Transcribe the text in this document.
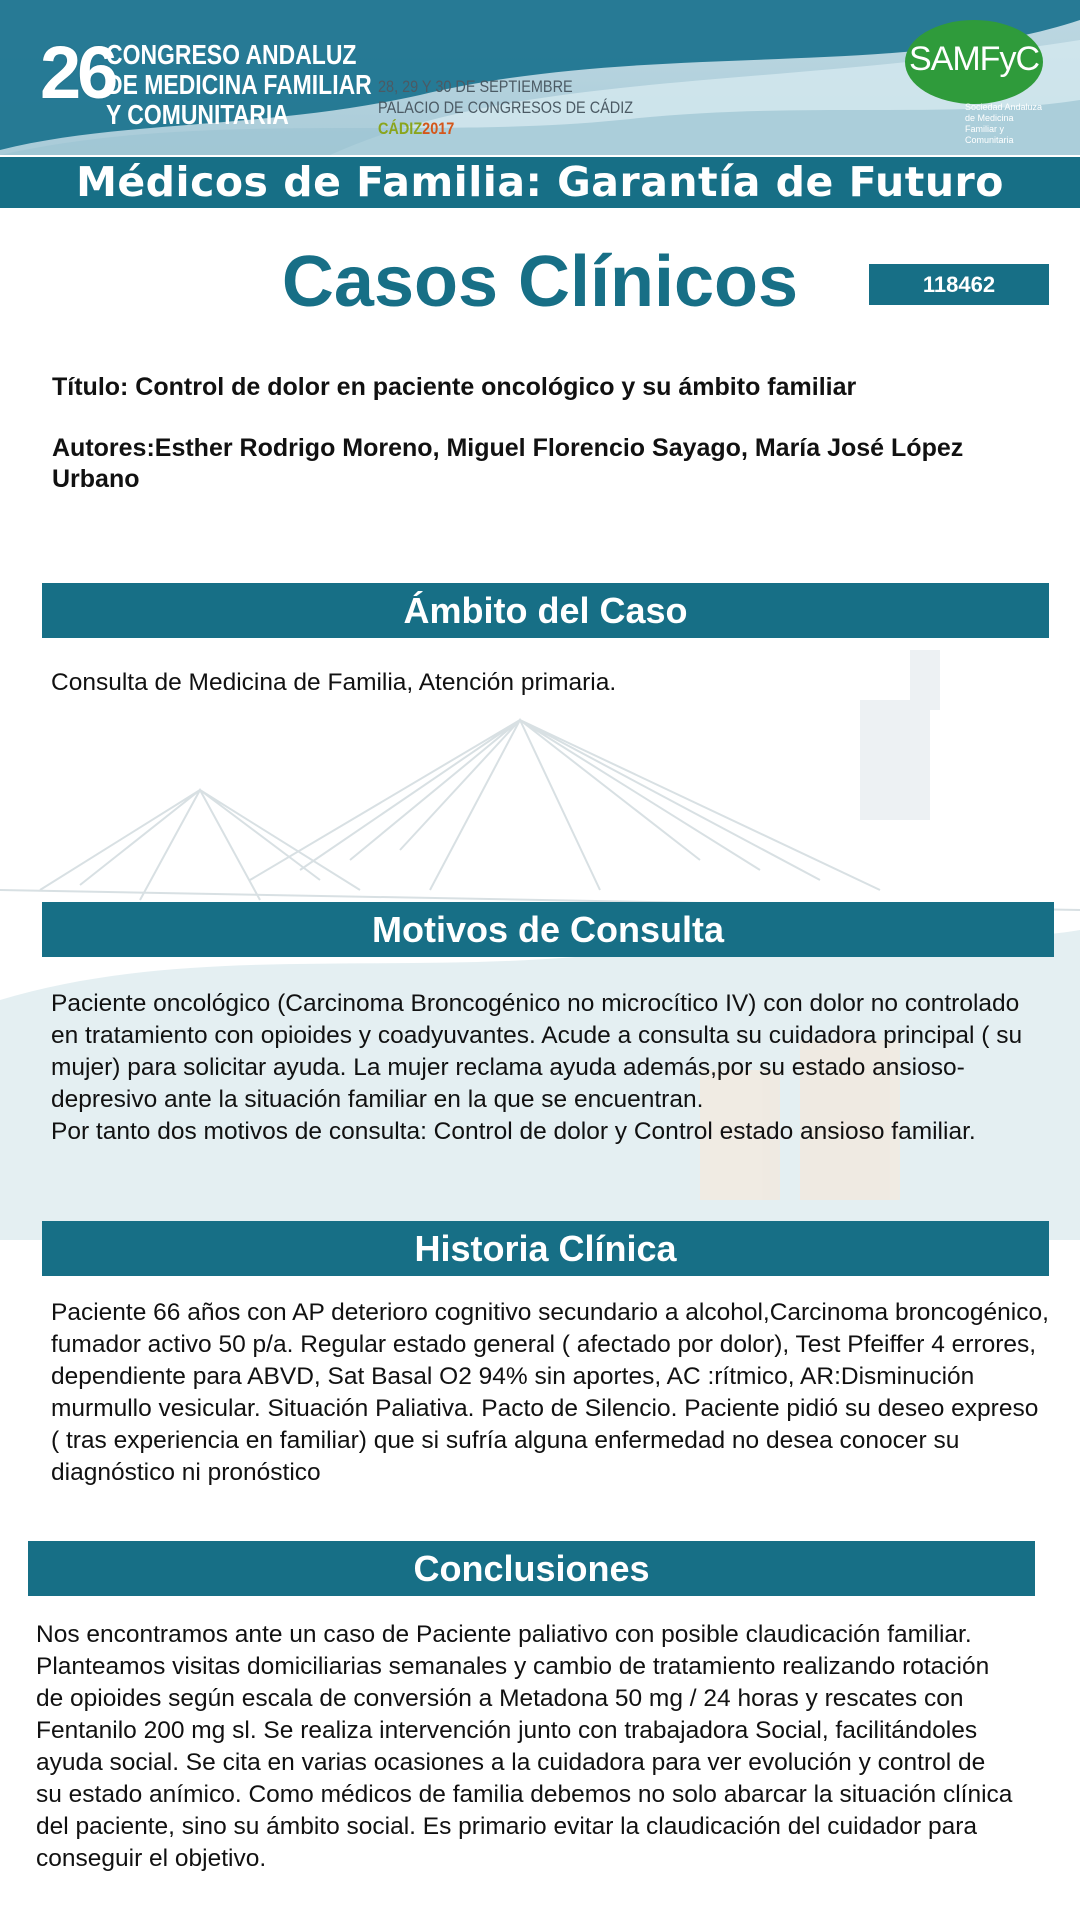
26
CONGRESO ANDALUZ
DE MEDICINA FAMILIAR
Y COMUNITARIA
28, 29 Y 30 DE SEPTIEMBRE
PALACIO DE CONGRESOS DE CÁDIZ
CÁDIZ2017
SAMFyC
Sociedad Andaluza de Medicina Familiar y Comunitaria
Médicos de Familia: Garantía de Futuro
Casos Clínicos	118462
Título: Control de dolor en paciente oncológico y su ámbito familiar
Autores:Esther Rodrigo Moreno, Miguel Florencio Sayago, María José López Urbano
Ámbito del Caso
Consulta de Medicina de Familia, Atención primaria.
Motivos de Consulta

Paciente oncológico (Carcinoma Broncogénico no microcítico IV) con dolor no controlado en tratamiento con opioides y coadyuvantes. Acude a consulta su cuidadora principal ( su mujer) para solicitar ayuda. La mujer reclama ayuda además,por su estado ansioso- depresivo ante la situación familiar en la que se encuentran.

Por tanto dos motivos de consulta: Control de dolor y Control estado ansioso familiar.

Historia Clínica
Paciente 66 años con AP deterioro cognitivo secundario a alcohol,Carcinoma broncogénico, fumador activo 50 p/a. Regular estado general ( afectado por dolor), Test Pfeiffer 4 errores, dependiente para ABVD, Sat Basal O2 94% sin aportes, AC :rítmico, AR:Disminución murmullo vesicular. Situación Paliativa. Pacto de Silencio. Paciente pidió su deseo expreso ( tras experiencia en familiar) que si sufría alguna enfermedad no desea conocer su diagnóstico ni pronóstico
Conclusiones
Nos encontramos ante un caso de Paciente paliativo con posible claudicación familiar. Planteamos visitas domiciliarias semanales y cambio de tratamiento realizando rotación de opioides según escala de conversión a Metadona 50 mg / 24 horas y rescates con Fentanilo 200 mg sl. Se realiza intervención junto con trabajadora Social, facilitándoles ayuda social. Se cita en varias ocasiones a la cuidadora para ver evolución y control de su estado anímico. Como médicos de familia debemos no solo abarcar la situación clínica del paciente, sino su ámbito social. Es primario evitar la claudicación del cuidador para conseguir el objetivo.
